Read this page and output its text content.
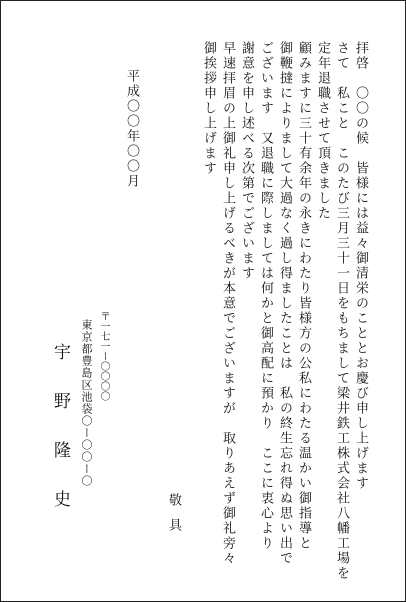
拝啓　〇〇の候　皆様には益々御清栄のこととお慶び申し上げます
さて　私こと　このたび三月三十一日をもちまして梁井鉄工株式会社八幡工場を
定年退職させて頂きました
顧みますに三十有余年の永きにわたり皆様方の公私にわたる温かい御指導と
御鞭撻によりまして大過なく過し得ましたことは　私の終生忘れ得ぬ思い出で
ございます　又退職に際しましては何かと御高配に預かり　ここに衷心より
謝意を申し述べる次第でございます
早速拝眉の上御礼申し上げるべきが本意でございますが　取りあえず御礼旁々
御挨拶申し上げます
敬具
平成〇〇年〇〇月
〒一七一ー〇〇〇〇
東京都豊島区池袋〇ー〇〇ー〇
宇野隆史
